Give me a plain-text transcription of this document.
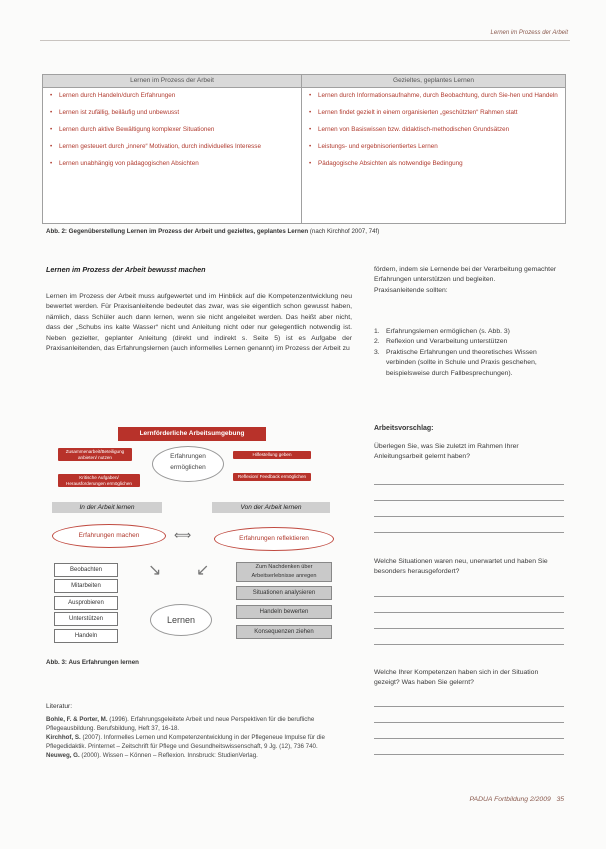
Lernen im Prozess der Arbeit
Lernen im Prozess der Arbeit
• Lernen durch Handeln/durch Erfahrungen
• Lernen ist zufällig, beiläufig und unbewusst
• Lernen durch aktive Bewältigung komplexer Situationen
• Lernen gesteuert durch „innere“ Motivation, durch individuelles Interesse
• Lernen unabhängig von pädagogischen Absichten
Gezieltes, geplantes Lernen
• Lernen durch Informationsaufnahme, durch Beobachtung, durch Sie-hen und Handeln
• Lernen findet gezielt in einem organisierten „geschützten“ Rahmen statt
• Lernen von Basiswissen bzw. didaktisch-methodischen Grundsätzen
• Leistungs- und ergebnisorientiertes Lernen
• Pädagogische Absichten als notwendige Bedingung
Abb. 2: Gegenüberstellung Lernen im Prozess der Arbeit und gezieltes, geplantes Lernen (nach Kirchhof 2007, 74f)
Lernen im Prozess der Arbeit bewusst machen
Lernen im Prozess der Arbeit muss aufgewertet und im Hinblick auf die Kompetenzentwicklung neu bewertet werden. Für Praxisanleitende bedeutet das zwar, was sie eigentlich schon gewusst haben, nämlich, dass Schüler auch dann lernen, wenn sie nicht angeleitet werden. Das heißt aber nicht, dass der „Schubs ins kalte Wasser“ nicht und Anleitung nicht oder nur gelegentlich notwendig ist. Neben gezielter, geplanter Anleitung (direkt und indirekt s. Seite 5) ist es Aufgabe der Praxisanleitenden, das Erfahrungslernen (auch informelles Lernen genannt) im Prozess der Arbeit zu
fördern, indem sie Lernende bei der Verarbeitung gemachter Erfahrungen unterstützen und begleiten.
Praxisanleitende sollten:
1. Erfahrungslernen ermöglichen (s. Abb. 3)
2. Reflexion und Verarbeitung unterstützen
3. Praktische Erfahrungen und theoretisches Wissen verbinden (sollte in Schule und Praxis geschehen, beispielsweise durch Fallbesprechungen).
Lernförderliche Arbeitsumgebung
Zusammenarbeit/Beteiligung anbieten/ nutzen	Hilfestellung geben
Kritische Aufgaben/ Herausforderungen ermöglichen
Reflexion/ Feedback ermöglichen
Erfahrungen ermöglichen
In der Arbeit lernen	Von der Arbeit lernen
Erfahrungen machen	Erfahrungen reflektieren
⟺
Beobachten
Mitarbeiten
Ausprobieren
Unterstützen
Handeln
↘ ↙
Lernen
Zum Nachdenken über Arbeitserlebnisse anregen
Situationen analysieren
Handeln bewerten
Konsequenzen ziehen
Abb. 3: Aus Erfahrungen lernen
Literatur:

Bohle, F. & Porter, M. (1996). Erfahrungsgeleitete Arbeit und neue Perspektiven für die berufliche Pflegeausbildung. Berufsbildung, Heft 37, 16-18.

Kirchhof, S. (2007). Informelles Lernen und Kompetenzentwicklung in der Pflegeneue Impulse für die Pflegedidaktik. Printernet – Zeitschrift für Pflege und Gesundheitswissenschaft, 9 Jg. (12), 736 740.

Neuweg, G. (2000). Wissen – Können – Reflexion. Innsbruck: StudienVerlag.

Arbeitsvorschlag:
Überlegen Sie, was Sie zuletzt im Rahmen Ihrer Anleitungsarbeit gelernt haben?
Welche Situationen waren neu, unerwartet und haben Sie besonders herausgefordert?
Welche Ihrer Kompetenzen haben sich in der Situation gezeigt? Was haben Sie gelernt?
PADUA Fortbildung 2/2009 35
